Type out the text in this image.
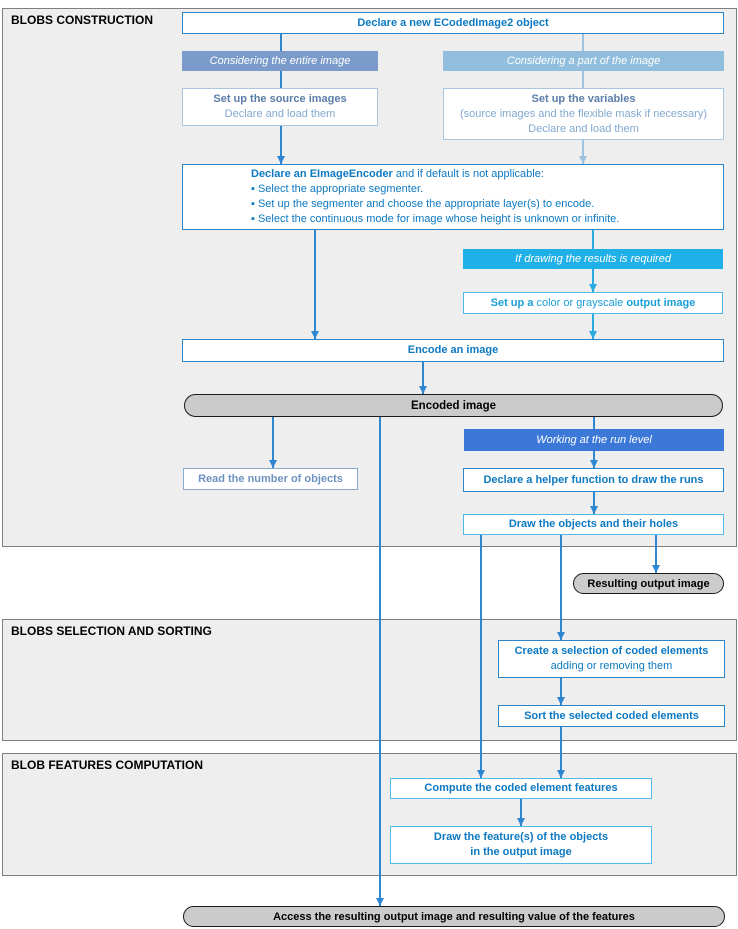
BLOBS CONSTRUCTION
BLOBS SELECTION AND SORTING
BLOB FEATURES COMPUTATION
Declare a new ECodedImage2 object
Considering the entire image	Considering a part of the image
Set up the source images
Declare and load them
Set up the variables
(source images and the flexible mask if necessary)
Declare and load them
Declare an EImageEncoder and if default is not applicable:
▪ Select the appropriate segmenter.
▪ Set up the segmenter and choose the appropriate layer(s) to encode.
▪ Select the continuous mode for image whose height is unknown or infinite.
If drawing the results is required
Set up a color or grayscale output image
Encode an image
Encoded image
Working at the run level
Read the number of objects	Declare a helper function to draw the runs
Draw the objects and their holes
Resulting output image
Create a selection of coded elements
adding or removing them
Sort the selected coded elements
Compute the coded element features
Draw the feature(s) of the objects
in the output image
Access the resulting output image and resulting value of the features
